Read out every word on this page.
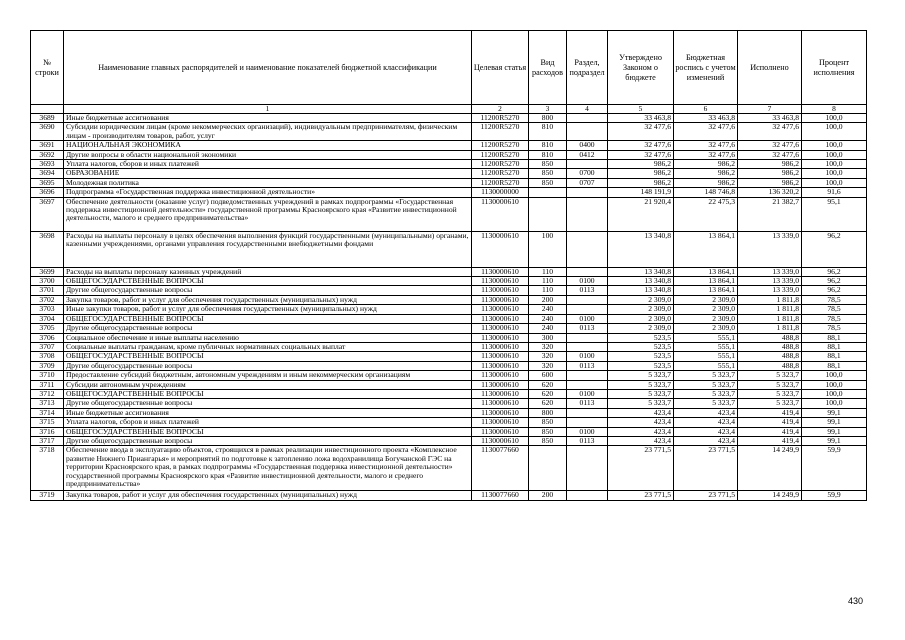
№ строки	Наименование главных распорядителей и наименование показателей бюджетной классификации	Целевая статья	Вид расходов	Раздел, подраздел	Утверждено Законом о бюджете	Бюджетная роспись с учетом изменений	Исполнено	Процент исполнения
	1	2	3	4	5	6	7	8
3689	Иные бюджетные ассигнования	11200R5270	800		33 463,8	33 463,8	33 463,8	100,0
3690	Субсидии юридическим лицам (кроме некоммерческих организаций), индивидуальным предпринимателям, физическим лицам - производителям товаров, работ, услуг	11200R5270	810		32 477,6	32 477,6	32 477,6	100,0
3691	НАЦИОНАЛЬНАЯ ЭКОНОМИКА	11200R5270	810	0400	32 477,6	32 477,6	32 477,6	100,0
3692	Другие вопросы в области национальной экономики	11200R5270	810	0412	32 477,6	32 477,6	32 477,6	100,0
3693	Уплата налогов, сборов и иных платежей	11200R5270	850		986,2	986,2	986,2	100,0
3694	ОБРАЗОВАНИЕ	11200R5270	850	0700	986,2	986,2	986,2	100,0
3695	Молодежная политика	11200R5270	850	0707	986,2	986,2	986,2	100,0
3696	Подпрограмма «Государственная поддержка инвестиционной деятельности»	1130000000			148 191,9	148 746,8	136 320,2	91,6
3697	Обеспечение деятельности (оказание услуг) подведомственных учреждений в рамках подпрограммы «Государственная поддержка инвестиционной деятельности» государственной программы Красноярского края «Развитие инвестиционной деятельности, малого и среднего предпринимательства»	1130000610			21 920,4	22 475,3	21 382,7	95,1
3698	Расходы на выплаты персоналу в целях обеспечения выполнения функций государственными (муниципальными) органами, казенными учреждениями, органами управления государственными внебюджетными фондами	1130000610	100		13 340,8	13 864,1	13 339,0	96,2
3699	Расходы на выплаты персоналу казенных учреждений	1130000610	110		13 340,8	13 864,1	13 339,0	96,2
3700	ОБЩЕГОСУДАРСТВЕННЫЕ ВОПРОСЫ	1130000610	110	0100	13 340,8	13 864,1	13 339,0	96,2
3701	Другие общегосударственные вопросы	1130000610	110	0113	13 340,8	13 864,1	13 339,0	96,2
3702	Закупка товаров, работ и услуг для обеспечения государственных (муниципальных) нужд	1130000610	200		2 309,0	2 309,0	1 811,8	78,5
3703	Иные закупки товаров, работ и услуг для обеспечения государственных (муниципальных) нужд	1130000610	240		2 309,0	2 309,0	1 811,8	78,5
3704	ОБЩЕГОСУДАРСТВЕННЫЕ ВОПРОСЫ	1130000610	240	0100	2 309,0	2 309,0	1 811,8	78,5
3705	Другие общегосударственные вопросы	1130000610	240	0113	2 309,0	2 309,0	1 811,8	78,5
3706	Социальное обеспечение и иные выплаты населению	1130000610	300		523,5	555,1	488,8	88,1
3707	Социальные выплаты гражданам, кроме публичных нормативных социальных выплат	1130000610	320		523,5	555,1	488,8	88,1
3708	ОБЩЕГОСУДАРСТВЕННЫЕ ВОПРОСЫ	1130000610	320	0100	523,5	555,1	488,8	88,1
3709	Другие общегосударственные вопросы	1130000610	320	0113	523,5	555,1	488,8	88,1
3710	Предоставление субсидий бюджетным, автономным учреждениям и иным некоммерческим организациям	1130000610	600		5 323,7	5 323,7	5 323,7	100,0
3711	Субсидии автономным учреждениям	1130000610	620		5 323,7	5 323,7	5 323,7	100,0
3712	ОБЩЕГОСУДАРСТВЕННЫЕ ВОПРОСЫ	1130000610	620	0100	5 323,7	5 323,7	5 323,7	100,0
3713	Другие общегосударственные вопросы	1130000610	620	0113	5 323,7	5 323,7	5 323,7	100,0
3714	Иные бюджетные ассигнования	1130000610	800		423,4	423,4	419,4	99,1
3715	Уплата налогов, сборов и иных платежей	1130000610	850		423,4	423,4	419,4	99,1
3716	ОБЩЕГОСУДАРСТВЕННЫЕ ВОПРОСЫ	1130000610	850	0100	423,4	423,4	419,4	99,1
3717	Другие общегосударственные вопросы	1130000610	850	0113	423,4	423,4	419,4	99,1
3718	Обеспечение ввода в эксплуатацию объектов, строящихся в рамках реализации инвестиционного проекта «Комплексное развитие Нижнего Приангарья» и мероприятий по подготовке к затоплению ложа водохранилища Богучанской ГЭС на территории Красноярского края, в рамках подпрограммы «Государственная поддержка инвестиционной деятельности» государственной программы Красноярского края «Развитие инвестиционной деятельности, малого и среднего предпринимательства»	1130077660			23 771,5	23 771,5	14 249,9	59,9
3719	Закупка товаров, работ и услуг для обеспечения государственных (муниципальных) нужд	1130077660	200		23 771,5	23 771,5	14 249,9	59,9
430
